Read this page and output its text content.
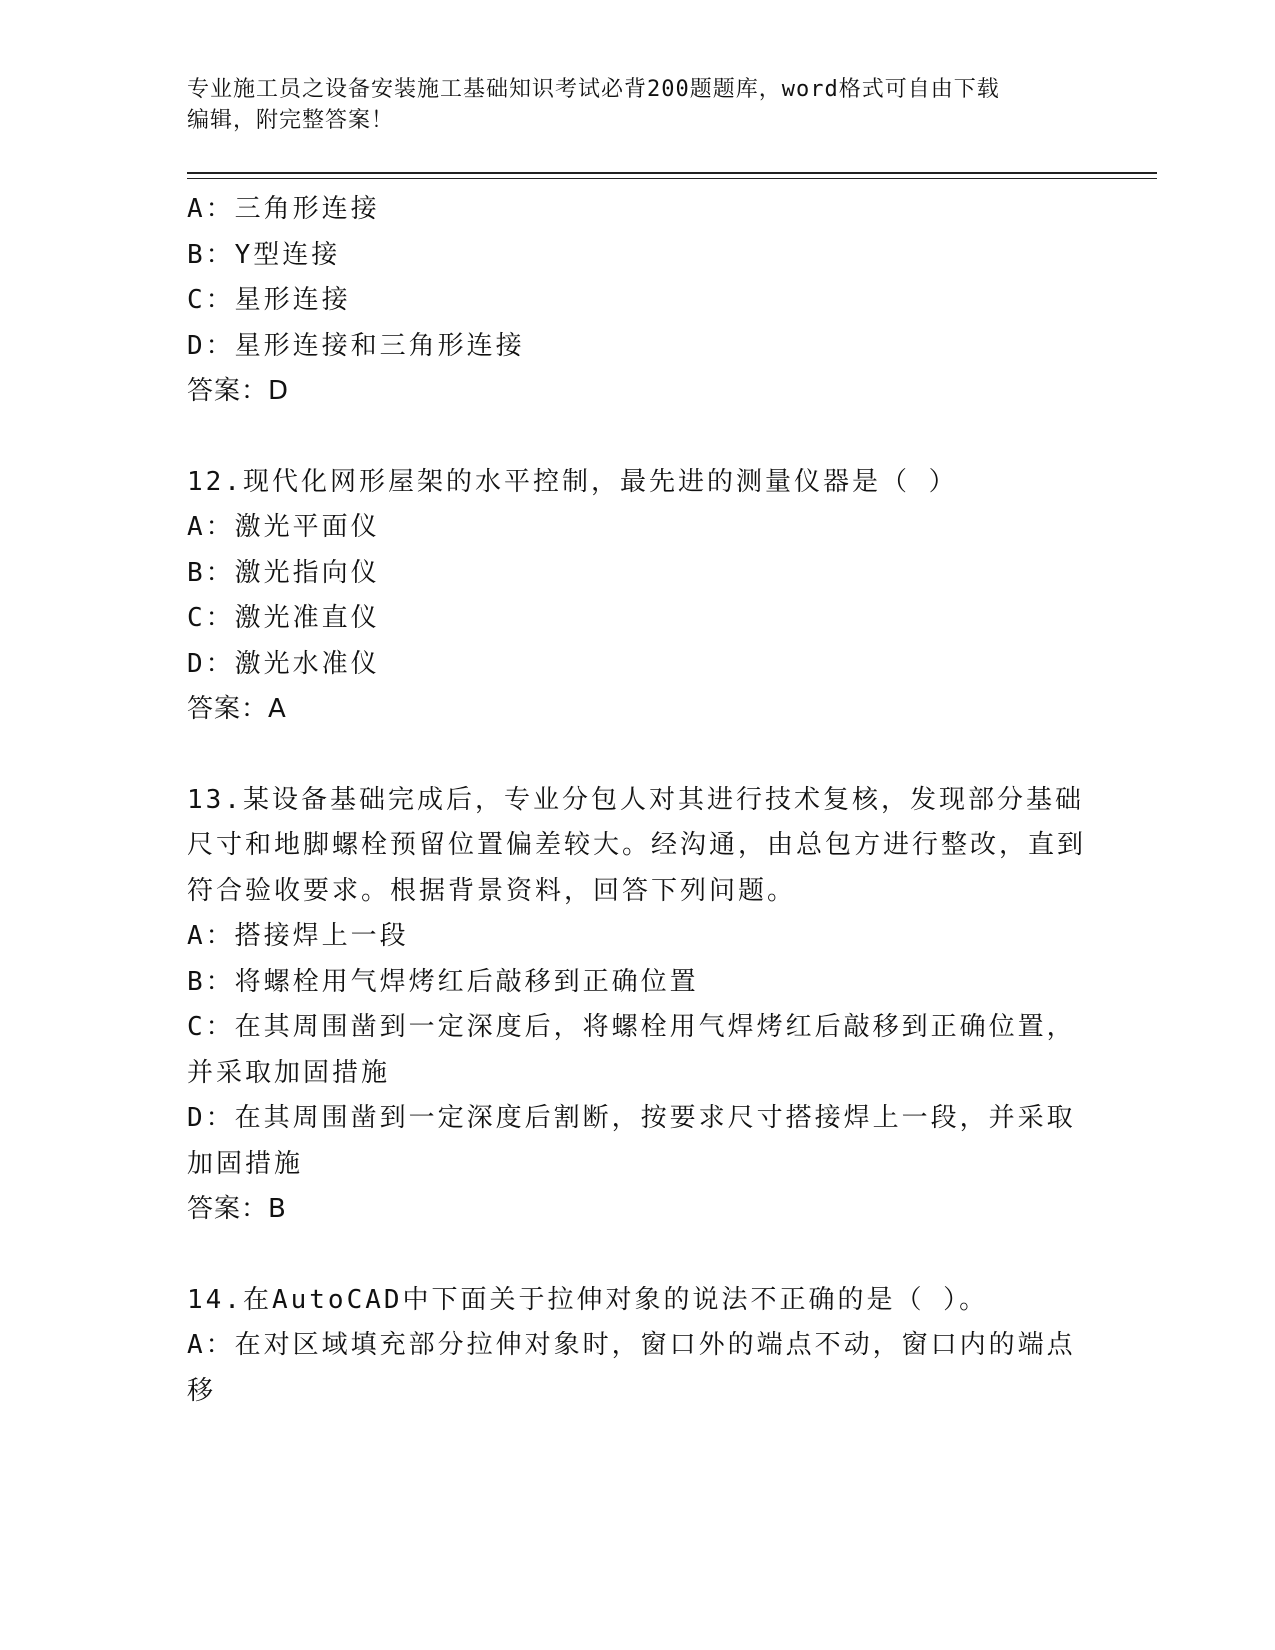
专业施工员之设备安装施工基础知识考试必背200题题库，word格式可自由下载
编辑，附完整答案！
A：三角形连接
B：Y型连接
C：星形连接
D：星形连接和三角形连接
答案：D
12.现代化网形屋架的水平控制，最先进的测量仪器是（ ）
A：激光平面仪
B：激光指向仪
C：激光准直仪
D：激光水准仪
答案：A
13.某设备基础完成后，专业分包人对其进行技术复核，发现部分基础尺寸和地脚螺栓预留位置偏差较大。经沟通，由总包方进行整改，直到符合验收要求。根据背景资料，回答下列问题。
A：搭接焊上一段
B：将螺栓用气焊烤红后敲移到正确位置
C：在其周围凿到一定深度后，将螺栓用气焊烤红后敲移到正确位置，并采取加固措施
D：在其周围凿到一定深度后割断，按要求尺寸搭接焊上一段，并采取加固措施
答案：B
14.在AutoCAD中下面关于拉伸对象的说法不正确的是（ ）。
A：在对区域填充部分拉伸对象时，窗口外的端点不动，窗口内的端点移
